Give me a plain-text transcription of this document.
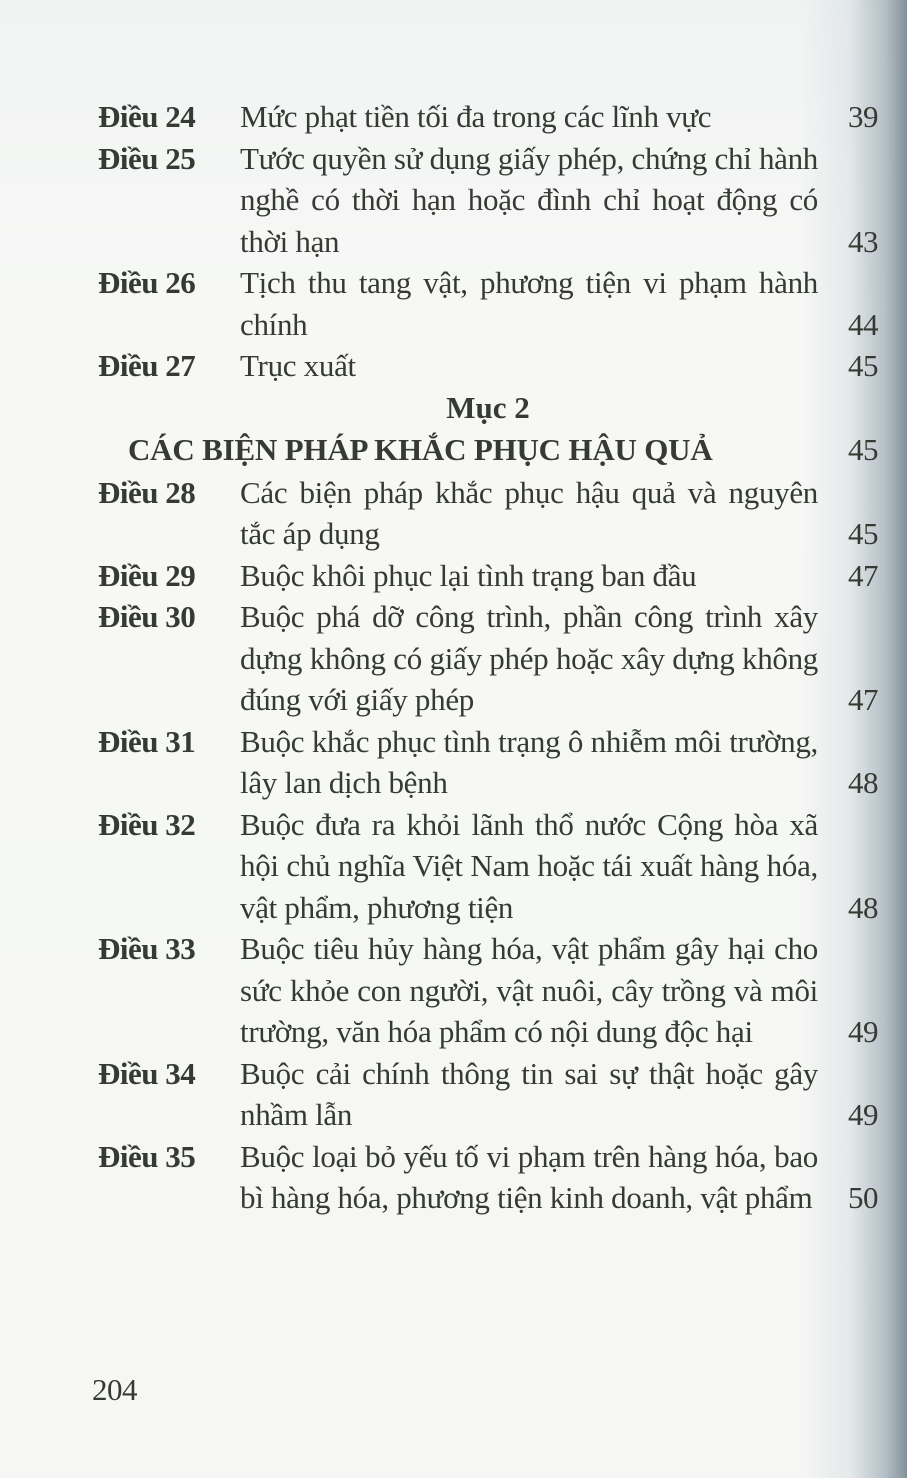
Điều 24	Mức phạt tiền tối đa trong các lĩnh vực	39
Điều 25	Tước quyền sử dụng giấy phép, chứng chỉ hành nghề có thời hạn hoặc đình chỉ hoạt động có thời hạn	43
Điều 26	Tịch thu tang vật, phương tiện vi phạm hành chính	44
Điều 27	Trục xuất	45
Mục 2
CÁC BIỆN PHÁP KHẮC PHỤC HẬU QUẢ	45
Điều 28	Các biện pháp khắc phục hậu quả và nguyên tắc áp dụng	45
Điều 29	Buộc khôi phục lại tình trạng ban đầu	47
Điều 30	Buộc phá dỡ công trình, phần công trình xây dựng không có giấy phép hoặc xây dựng không đúng với giấy phép	47
Điều 31	Buộc khắc phục tình trạng ô nhiễm môi trường, lây lan dịch bệnh	48
Điều 32	Buộc đưa ra khỏi lãnh thổ nước Cộng hòa xã hội chủ nghĩa Việt Nam hoặc tái xuất hàng hóa, vật phẩm, phương tiện	48
Điều 33	Buộc tiêu hủy hàng hóa, vật phẩm gây hại cho sức khỏe con người, vật nuôi, cây trồng và môi trường, văn hóa phẩm có nội dung độc hại	49
Điều 34	Buộc cải chính thông tin sai sự thật hoặc gây nhầm lẫn	49
Điều 35	Buộc loại bỏ yếu tố vi phạm trên hàng hóa, bao bì hàng hóa, phương tiện kinh doanh, vật phẩm	50
204
